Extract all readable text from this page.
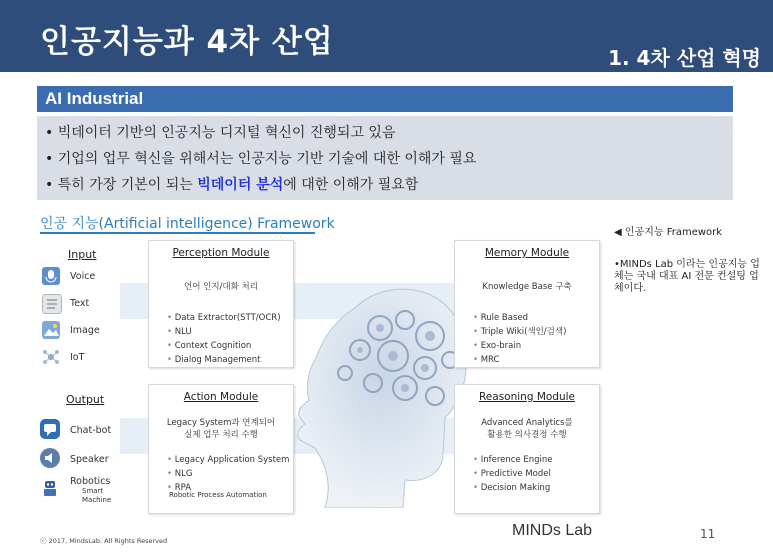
인공지능과 4차 산업	1. 4차 산업 혁명
AI Industrial
• 빅데이터 기반의 인공지능 디지털 혁신이 진행되고 있음
• 기업의 업무 혁신을 위해서는 인공지능 기반 기술에 대한 이해가 필요
• 특히 가장 기본이 되는 빅데이터 분석에 대한 이해가 필요함
인공 지능(Artificial intelligence) Framework
◀ 인공지능 Framework
•MINDs Lab 이라는 인공지능 업체는 국내 대표 AI 전문 컨설팅 업체이다.
Input
Voice
Text
Image
IoT
Output
Chat-bot
Speaker
Robotics
Smart Machine
Perception Module
언어 인지/대화 처리
• Data Extractor(STT/OCR)
• NLU
• Context Cognition
• Dialog Management
Memory Module
Knowledge Base 구축
• Rule Based
• Triple Wiki(색인/검색)
• Exo-brain
• MRC
Action Module
Legacy System과 연계되어
실제 업무 처리 수행
• Legacy Application System
• NLG
• RPA
Robotic Process Automation
Reasoning Module
Advanced Analytics를
활용한 의사결정 수행
• Inference Engine
• Predictive Model
• Decision Making
ⓒ 2017, MindsLab. All Rights Reserved
MINDs Lab	11
